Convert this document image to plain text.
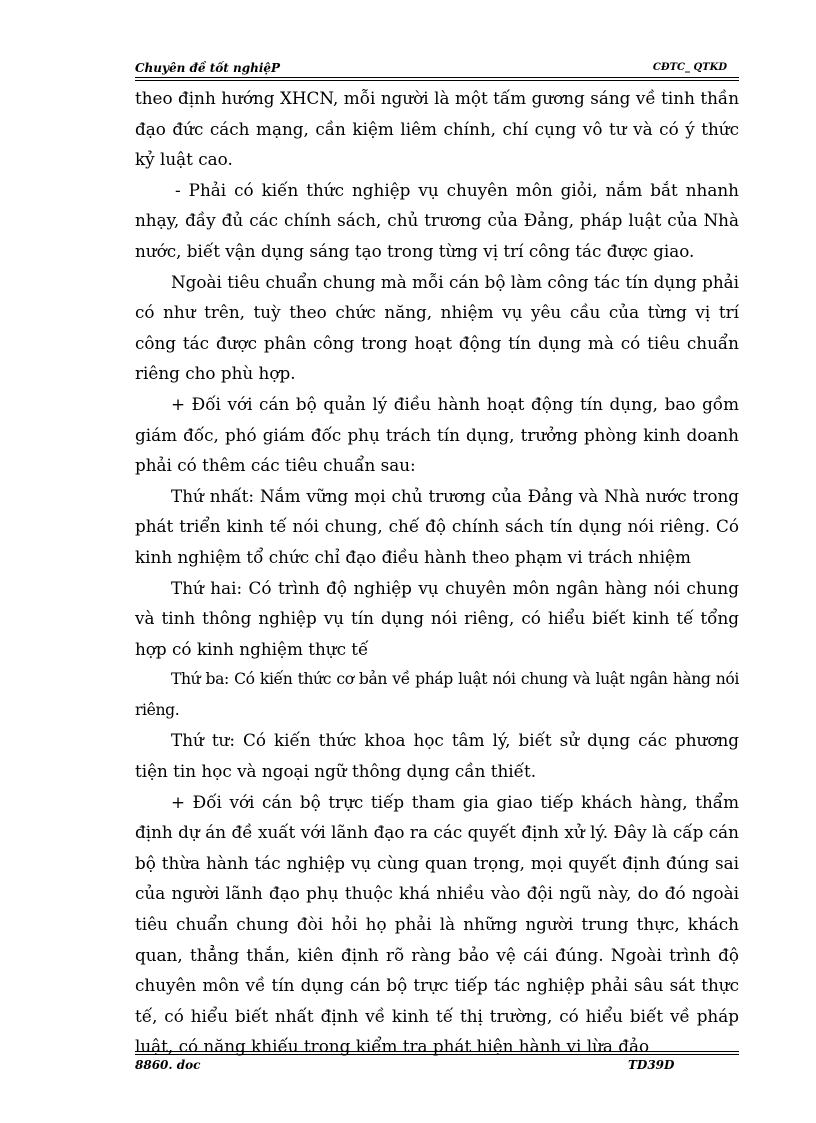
Chuyên đề tốt nghiệP	CĐTC_ QTKD

theo định hướng XHCN, mỗi người là một tấm gương sáng về tinh thần đạo đức cách mạng, cần kiệm liêm chính, chí cụng vô tư và có ý thức kỷ luật cao.

- Phải có kiến thức nghiệp vụ chuyên môn giỏi, nắm bắt nhanh nhạy, đầy đủ các chính sách, chủ trương của Đảng, pháp luật của Nhà nước, biết vận dụng sáng tạo trong từng vị trí công tác được giao.

Ngoài tiêu chuẩn chung mà mỗi cán bộ làm công tác tín dụng phải có như trên, tuỳ theo chức năng, nhiệm vụ yêu cầu của từng vị trí công tác được phân công trong hoạt động tín dụng mà có tiêu chuẩn riêng cho phù hợp.

+ Đối với cán bộ quản lý điều hành hoạt động tín dụng, bao gồm giám đốc, phó giám đốc phụ trách tín dụng, trưởng phòng kinh doanh phải có thêm các tiêu chuẩn sau:

Thứ nhất: Nắm vững mọi chủ trương của Đảng và Nhà nước trong phát triển kinh tế nói chung, chế độ chính sách tín dụng nói riêng. Có kinh nghiệm tổ chức chỉ đạo điều hành theo phạm vi trách nhiệm

Thứ hai: Có trình độ nghiệp vụ chuyên môn ngân hàng nói chung và tinh thông nghiệp vụ tín dụng nói riêng, có hiểu biết kinh tế tổng hợp có kinh nghiệm thực tế

Thứ ba: Có kiến thức cơ bản về pháp luật nói chung và luật ngân hàng nói riêng.

Thứ tư: Có kiến thức khoa học tâm lý, biết sử dụng các phương tiện tin học và ngoại ngữ thông dụng cần thiết.

+ Đối với cán bộ trực tiếp tham gia giao tiếp khách hàng, thẩm định dự án đề xuất với lãnh đạo ra các quyết định xử lý. Đây là cấp cán bộ thừa hành tác nghiệp vụ cùng quan trọng, mọi quyết định đúng sai của người lãnh đạo phụ thuộc khá nhiều vào đội ngũ này, do đó ngoài tiêu chuẩn chung đòi hỏi họ phải là những người trung thực, khách quan, thẳng thắn, kiên định rõ ràng bảo vệ cái đúng. Ngoài trình độ chuyên môn về tín dụng cán bộ trực tiếp tác nghiệp phải sâu sát thực tế, có hiểu biết nhất định về kinh tế thị trường, có hiểu biết về pháp luật, có năng khiếu trong kiểm tra phát hiện hành vi lừa đảo

8860. doc	TD39D
